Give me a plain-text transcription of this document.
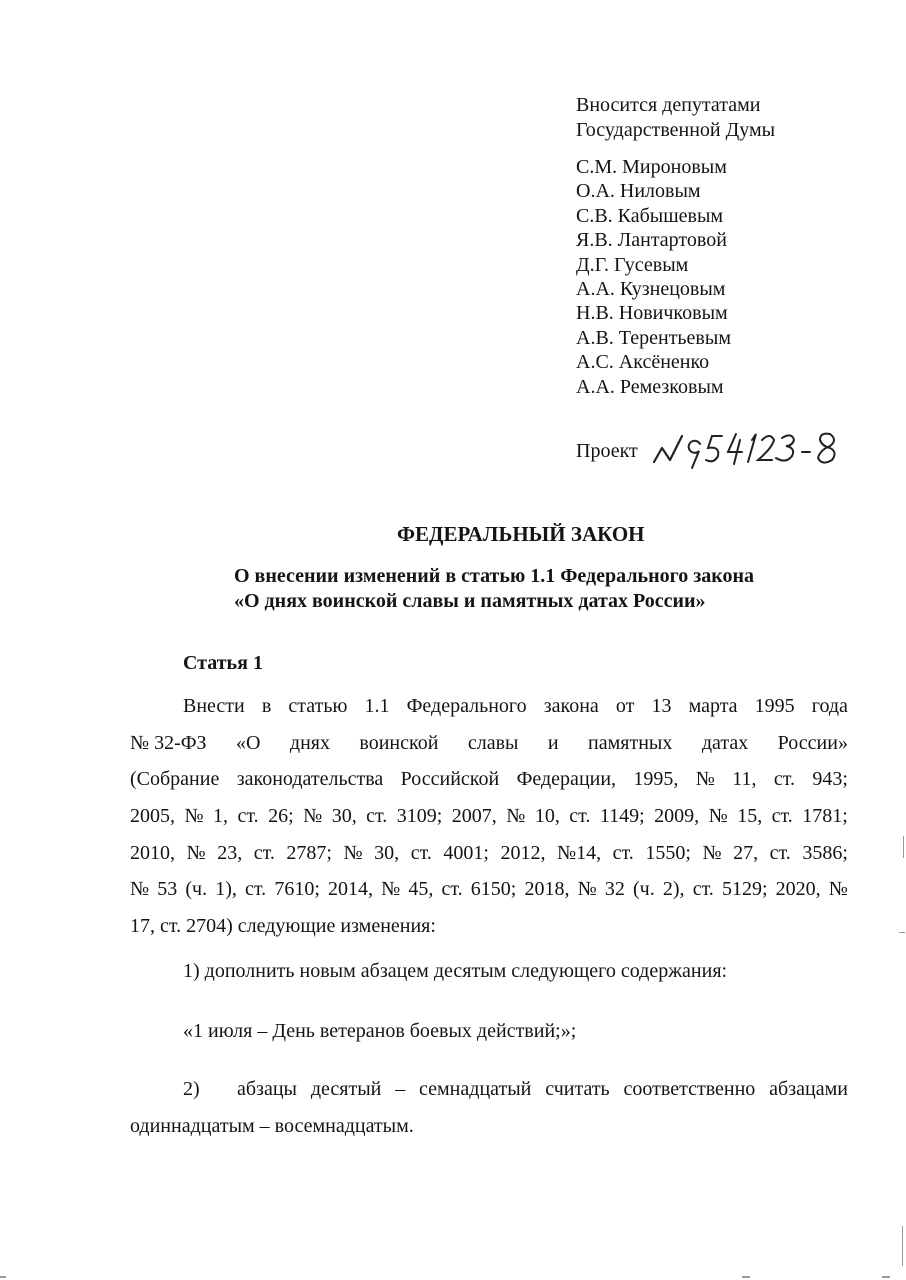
Вносится депутатами
Государственной Думы
С.М. Мироновым
О.А. Ниловым
С.В. Кабышевым
Я.В. Лантартовой
Д.Г. Гусевым
А.А. Кузнецовым
Н.В. Новичковым
А.В. Терентьевым
А.С. Аксёненко
А.А. Ремезковым
Проект
ФЕДЕРАЛЬНЫЙ ЗАКОН
О внесении изменений в статью 1.1 Федерального закона
«О днях воинской славы и памятных датах России»
Статья 1
Внести в статью 1.1 Федерального закона от 13 марта 1995 года
№ 32-ФЗ «О днях воинской славы и памятных датах России»
(Собрание законодательства Российской Федерации, 1995, № 11, ст. 943;
2005, № 1, ст. 26; № 30, ст. 3109; 2007, № 10, ст. 1149; 2009, № 15, ст. 1781;
2010, № 23, ст. 2787; № 30, ст. 4001; 2012, №14, ст. 1550; № 27, ст. 3586;
№ 53 (ч. 1), ст. 7610; 2014, № 45, ст. 6150; 2018, № 32 (ч. 2), ст. 5129; 2020, №
17, ст. 2704) следующие изменения:
1) дополнить новым абзацем десятым следующего содержания:
«1 июля – День ветеранов боевых действий;»;
2)	абзацы десятый – семнадцатый считать соответственно абзацами
одиннадцатым – восемнадцатым.
